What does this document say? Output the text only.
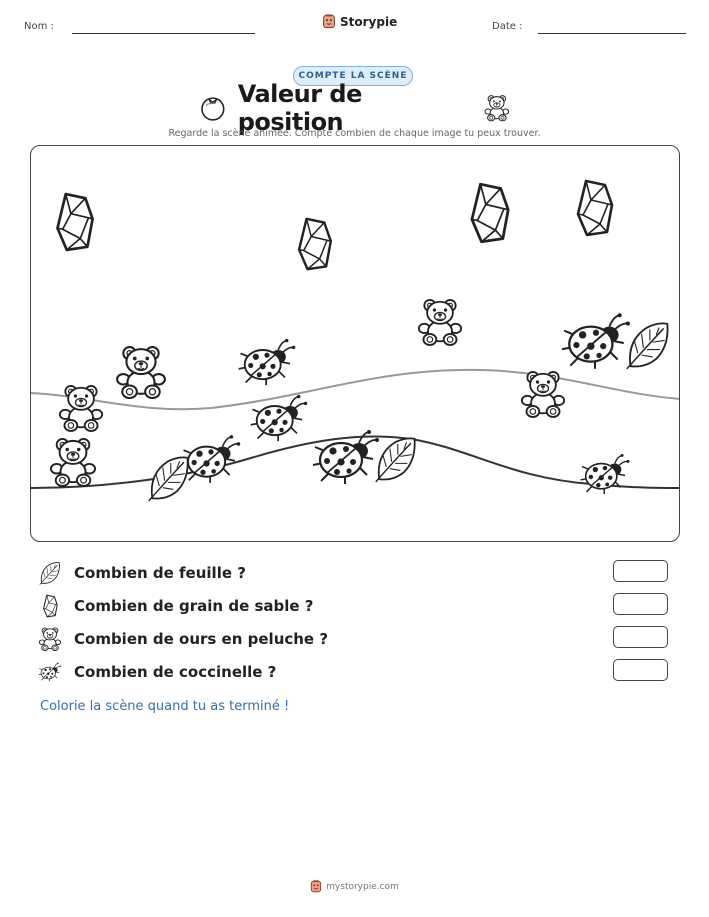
Nom :	Storypie	Date :
COMPTE LA SCÈNE
Valeur de position
Regarde la scène animée. Compte combien de chaque image tu peux trouver.
Combien de feuille ?
Combien de grain de sable ?
Combien de ours en peluche ?
Combien de coccinelle ?
Colorie la scène quand tu as terminé !
mystorypie.com
